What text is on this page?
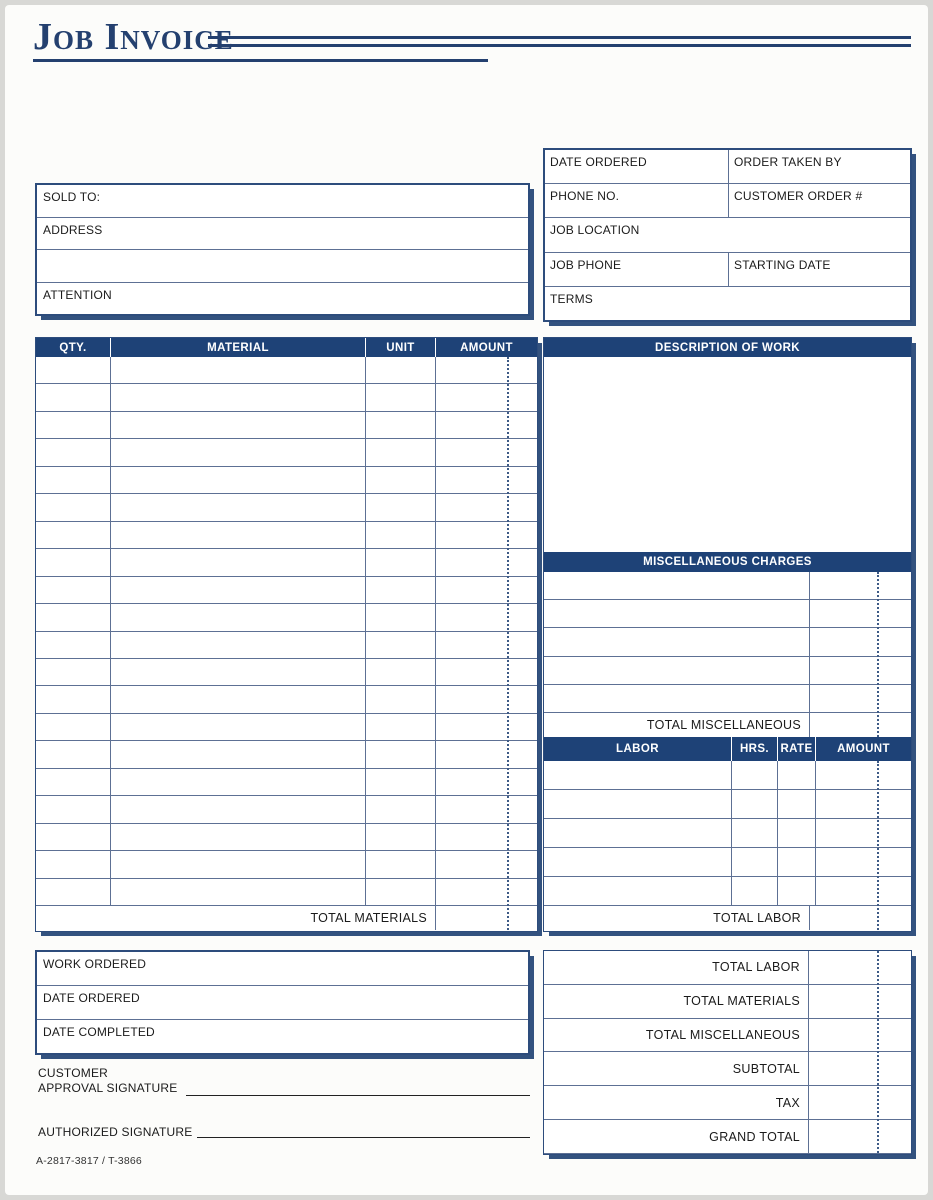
Job Invoice
SOLD TO:
ADDRESS
ATTENTION
DATE ORDERED	ORDER TAKEN BY
PHONE NO.	CUSTOMER ORDER #
JOB LOCATION
JOB PHONE	STARTING DATE
TERMS
QTY.	MATERIAL	UNIT	AMOUNT
TOTAL MATERIALS
DESCRIPTION OF WORK
MISCELLANEOUS CHARGES
TOTAL MISCELLANEOUS
LABOR	HRS. RATE	AMOUNT
TOTAL LABOR
WORK ORDERED
DATE ORDERED
DATE COMPLETED
CUSTOMER
APPROVAL SIGNATURE
AUTHORIZED SIGNATURE
A-2817-3817 / T-3866
TOTAL LABOR
TOTAL MATERIALS
TOTAL MISCELLANEOUS
SUBTOTAL
TAX
GRAND TOTAL
